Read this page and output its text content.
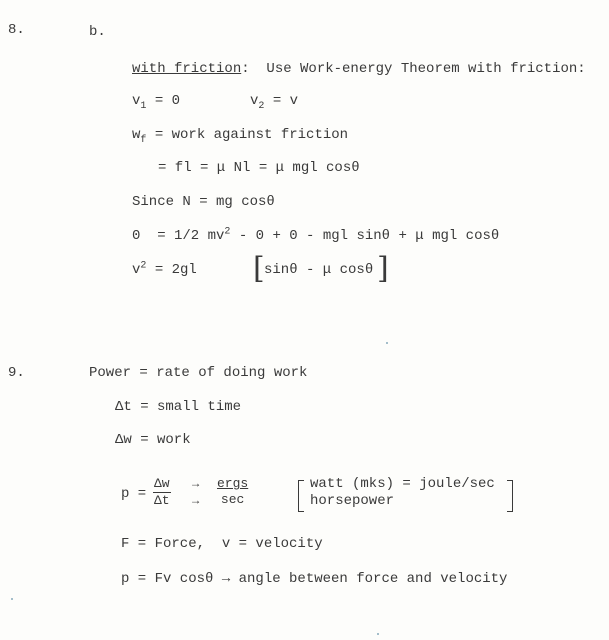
8.	b.
with friction:  Use Work-energy Theorem with friction:
$v_1 = 0$	$v_2 = v$
$w_f$ = work against friction
= fl = μ Nl = μ mgl cosθ
Since N = mg cosθ
0  = 1/2 $mv^2 - 0 + 0$ - mgl sinθ + μ mgl cosθ
$v^2 = 2gl$ [ sinθ - μ cosθ ]
9.	Power = rate of doing work
Δt = small time
Δw = work
$p = \frac{\Delta w}{\Delta t}$ →
→
ergs
sec
watt (mks) = joule/sec
horsepower
F = Force,  v = velocity
p = Fv cosθ → angle between force and velocity
